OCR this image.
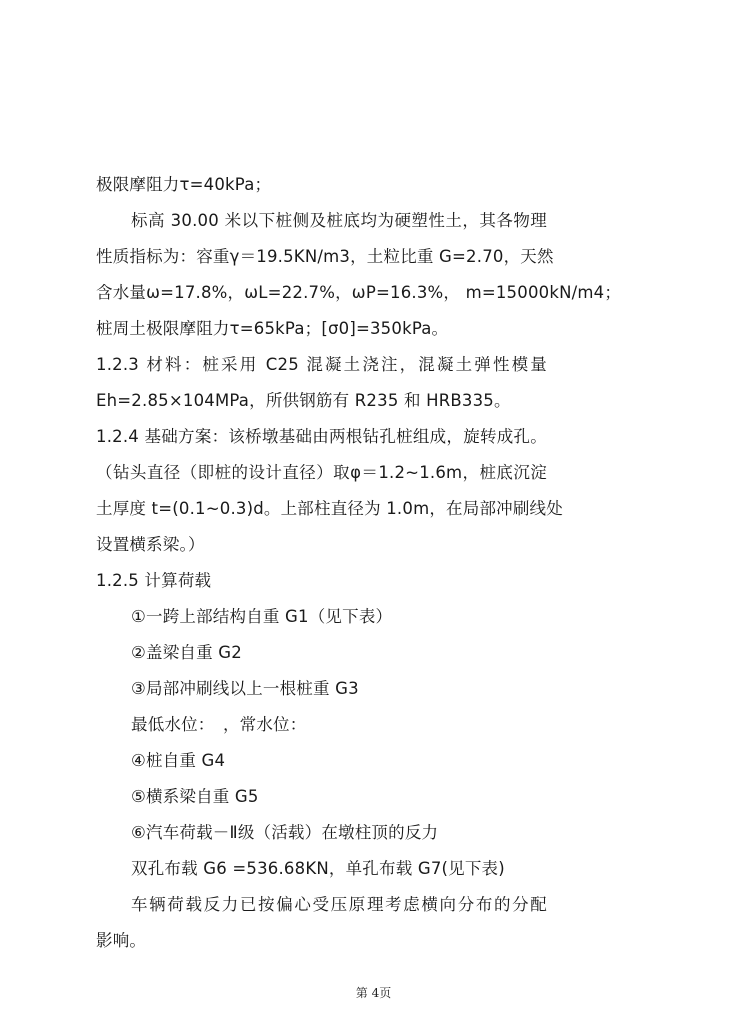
极限摩阻力τ=40kPa；
标高 30.00 米以下桩侧及桩底均为硬塑性土，其各物理
性质指标为：容重γ＝19.5KN/m3，土粒比重 G=2.70，天然
含水量ω=17.8%，ωL=22.7%，ωP=16.3%， m=15000kN/m4；
桩周土极限摩阻力τ=65kPa；[σ0]=350kPa。
1.2.3 材料：桩采用 C25 混凝土浇注，混凝土弹性模量
Eh=2.85×104MPa，所供钢筋有 R235 和 HRB335。
1.2.4 基础方案：该桥墩基础由两根钻孔桩组成，旋转成孔。
（钻头直径（即桩的设计直径）取φ＝1.2~1.6m，桩底沉淀
土厚度 t=(0.1~0.3)d。上部柱直径为 1.0m，在局部冲刷线处
设置横系梁。）
1.2.5 计算荷载
①一跨上部结构自重 G1（见下表）
②盖梁自重 G2
③局部冲刷线以上一根桩重 G3
最低水位：　，常水位：
④桩自重 G4
⑤横系梁自重 G5
⑥汽车荷载－Ⅱ级（活载）在墩柱顶的反力
双孔布载 G6 =536.68KN，单孔布载 G7(见下表)
车辆荷载反力已按偏心受压原理考虑横向分布的分配
影响。
第 4页
